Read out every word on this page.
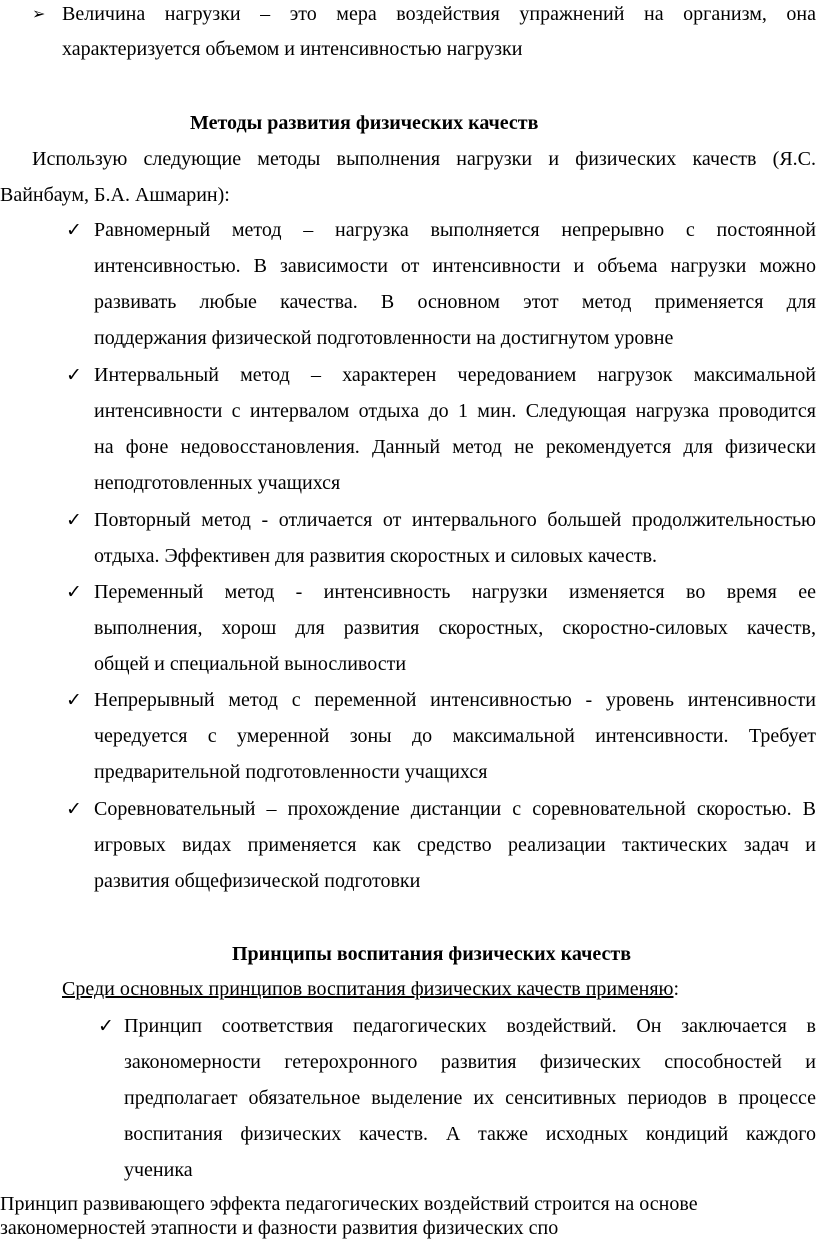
➢ Величина нагрузки – это мера воздействия упражнений на организм, она
характеризуется объемом и интенсивностью нагрузки
Методы развития физических качеств
Использую следующие методы выполнения нагрузки и физических качеств (Я.С.
Вайнбаум, Б.А. Ашмарин):
✓ Равномерный метод – нагрузка выполняется непрерывно с постоянной
интенсивностью. В зависимости от интенсивности и объема нагрузки можно
развивать любые качества. В основном этот метод применяется для
поддержания физической подготовленности на достигнутом уровне
✓ Интервальный метод – характерен чередованием нагрузок максимальной
интенсивности с интервалом отдыха до 1 мин. Следующая нагрузка проводится
на фоне недовосстановления. Данный метод не рекомендуется для физически
неподготовленных учащихся
✓ Повторный метод - отличается от интервального большей продолжительностью
отдыха. Эффективен для развития скоростных и силовых качеств.
✓ Переменный метод - интенсивность нагрузки изменяется во время ее
выполнения, хорош для развития скоростных, скоростно-силовых качеств,
общей и специальной выносливости
✓ Непрерывный метод с переменной интенсивностью - уровень интенсивности
чередуется с умеренной зоны до максимальной интенсивности. Требует
предварительной подготовленности учащихся
✓ Соревновательный – прохождение дистанции с соревновательной скоростью. В
игровых видах применяется как средство реализации тактических задач и
развития общефизической подготовки
Принципы воспитания физических качеств
Среди основных принципов воспитания физических качеств применяю:
✓ Принцип соответствия педагогических воздействий. Он заключается в
закономерности гетерохронного развития физических способностей и
предполагает обязательное выделение их сенситивных периодов в процессе
воспитания физических качеств. А также исходных кондиций каждого
ученика
Принцип развивающего эффекта педагогических воздействий строится на основе
закономерностей этапности и фазности развития физических спо
